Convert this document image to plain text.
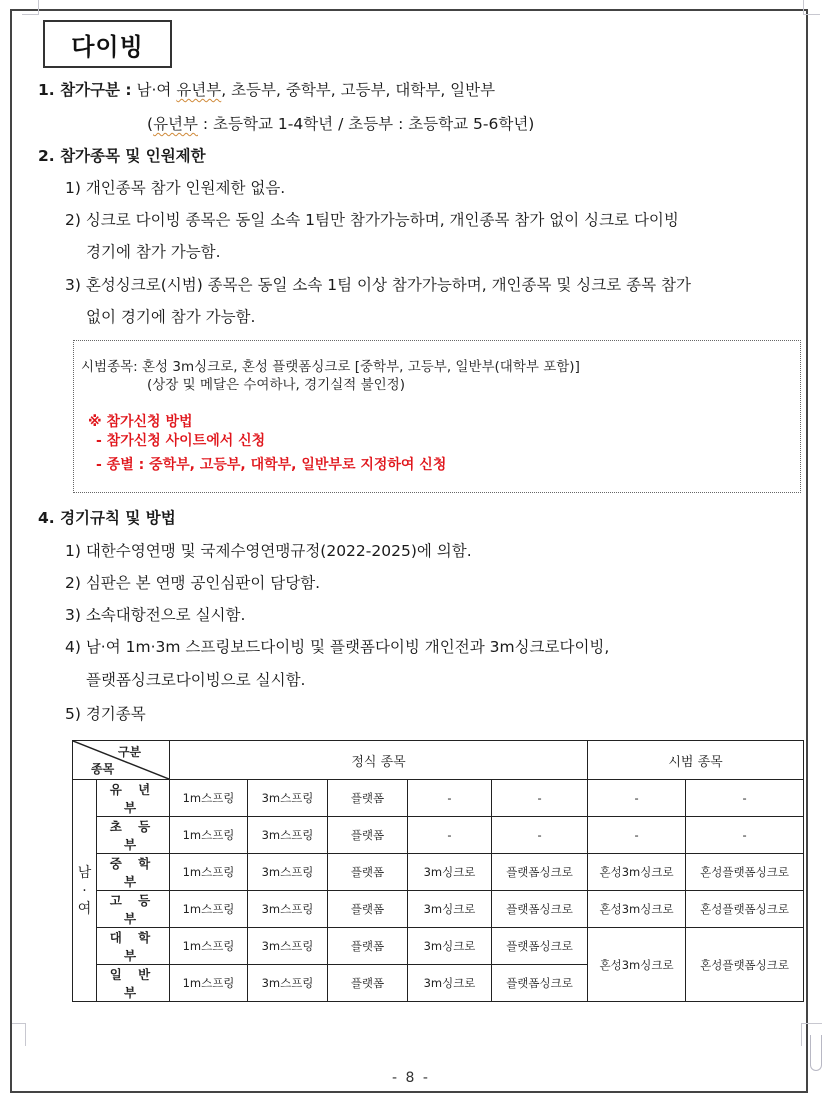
다이빙
1. 참가구분 : 남·여 유년부, 초등부, 중학부, 고등부, 대학부, 일반부
(유년부 : 초등학교 1-4학년 / 초등부 : 초등학교 5-6학년)
2. 참가종목 및 인원제한
1) 개인종목 참가 인원제한 없음.
2) 싱크로 다이빙 종목은 동일 소속 1팀만 참가가능하며, 개인종목 참가 없이 싱크로 다이빙
경기에 참가 가능함.
3) 혼성싱크로(시범) 종목은 동일 소속 1팀 이상 참가가능하며, 개인종목 및 싱크로 종목 참가
없이 경기에 참가 가능함.
시범종목: 혼성 3m싱크로, 혼성 플랫폼싱크로 [중학부, 고등부, 일반부(대학부 포함)]
(상장 및 메달은 수여하나, 경기실적 불인정)
※ 참가신청 방법
- 참가신청 사이트에서 신청
- 종별 : 중학부, 고등부, 대학부, 일반부로 지정하여 신청
4. 경기규칙 및 방법
1) 대한수영연맹 및 국제수영연맹규정(2022-2025)에 의함.
2) 심판은 본 연맹 공인심판이 담당함.
3) 소속대항전으로 실시함.
4) 남·여 1m·3m 스프링보드다이빙 및 플랫폼다이빙 개인전과 3m싱크로다이빙,
플랫폼싱크로다이빙으로 실시함.
5) 경기종목
구분
종목		정식 종목					시범 종목	

남
·
여	유 년 부	1m스프링	3m스프링	플랫폼	-	-	-	-
	초 등 부	1m스프링	3m스프링	플랫폼	-	-	-	-
	중 학 부	1m스프링	3m스프링	플랫폼	3m싱크로	플랫폼싱크로	혼성3m싱크로	혼성플랫폼싱크로
	고 등 부	1m스프링	3m스프링	플랫폼	3m싱크로	플랫폼싱크로	혼성3m싱크로	혼성플랫폼싱크로
	대 학 부	1m스프링	3m스프링	플랫폼	3m싱크로	플랫폼싱크로	혼성3m싱크로	혼성플랫폼싱크로
	일 반 부	1m스프링	3m스프링	플랫폼	3m싱크로	플랫폼싱크로		
- 8 -
